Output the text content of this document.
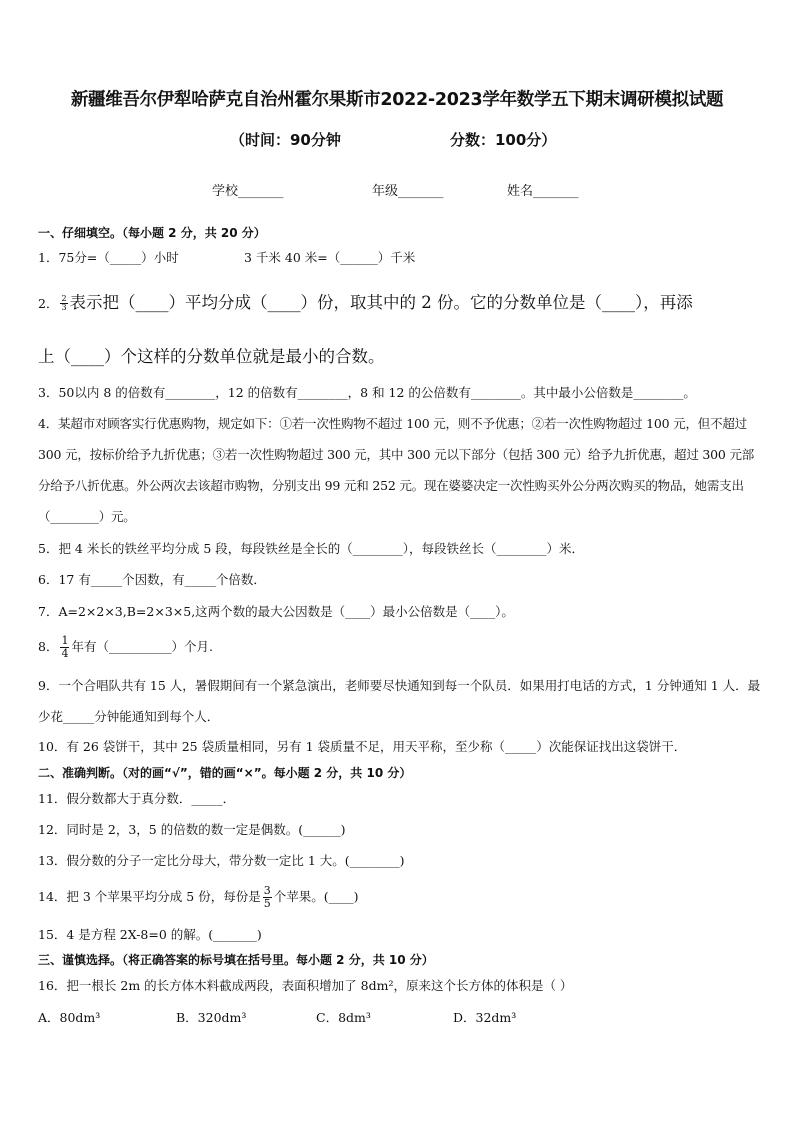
新疆维吾尔伊犁哈萨克自治州霍尔果斯市2022-2023学年数学五下期末调研模拟试题
（时间：90分钟	分数：100分）
学校_______	年级_______	姓名_______
一、仔细填空。（每小题 2 分，共 20 分）
1．75分=（_____）小时	3 千米 40 米=（______）千米
2． $\frac{2}{3}$ 表示把（____）平均分成（____）份，取其中的 2 份。它的分数单位是（____），再添
上（____）个这样的分数单位就是最小的合数。
3．50以内 8 的倍数有________，12 的倍数有________，8 和 12 的公倍数有________。其中最小公倍数是________。
4．某超市对顾客实行优惠购物，规定如下：①若一次性购物不超过 100 元，则不予优惠；②若一次性购物超过 100 元，但不超过 300 元，按标价给予九折优惠；③若一次性购物超过 300 元，其中 300 元以下部分（包括 300 元）给予九折优惠，超过 300 元部分给予八折优惠。外公两次去该超市购物，分别支出 99 元和 252 元。现在婆婆决定一次性购买外公分两次购买的物品，她需支出（________）元。
5．把 4 米长的铁丝平均分成 5 段，每段铁丝是全长的（________），每段铁丝长（________）米．
6．17 有_____个因数，有_____个倍数．
7．A=2×2×3,B=2×3×5,这两个数的最大公因数是（____）最小公倍数是（____）。
8． $\frac{1}{4}$ 年有（__________）个月.
9．一个合唱队共有 15 人，暑假期间有一个紧急演出，老师要尽快通知到每一个队员．如果用打电话的方式，1 分钟通知 1 人．最少花_____分钟能通知到每个人．
10．有 26 袋饼干，其中 25 袋质量相同，另有 1 袋质量不足，用天平称，至少称（_____）次能保证找出这袋饼干．
二、准确判断。（对的画“√”，错的画“×”。每小题 2 分，共 10 分）
11．假分数都大于真分数．_____．
12．同时是 2，3，5 的倍数的数一定是偶数。(______)
13．假分数的分子一定比分母大，带分数一定比 1 大。(________)
14．把 3 个苹果平均分成 5 份，每份是 $\frac{3}{5}$ 个苹果。(____)
15．4 是方程 2X-8=0 的解。(_______)
三、谨慎选择。（将正确答案的标号填在括号里。每小题 2 分，共 10 分）
16．把一根长 2m 的长方体木料截成两段，表面积增加了 8dm²，原来这个长方体的体积是（ ）
A．80dm³	B．320dm³	C．8dm³	D．32dm³
